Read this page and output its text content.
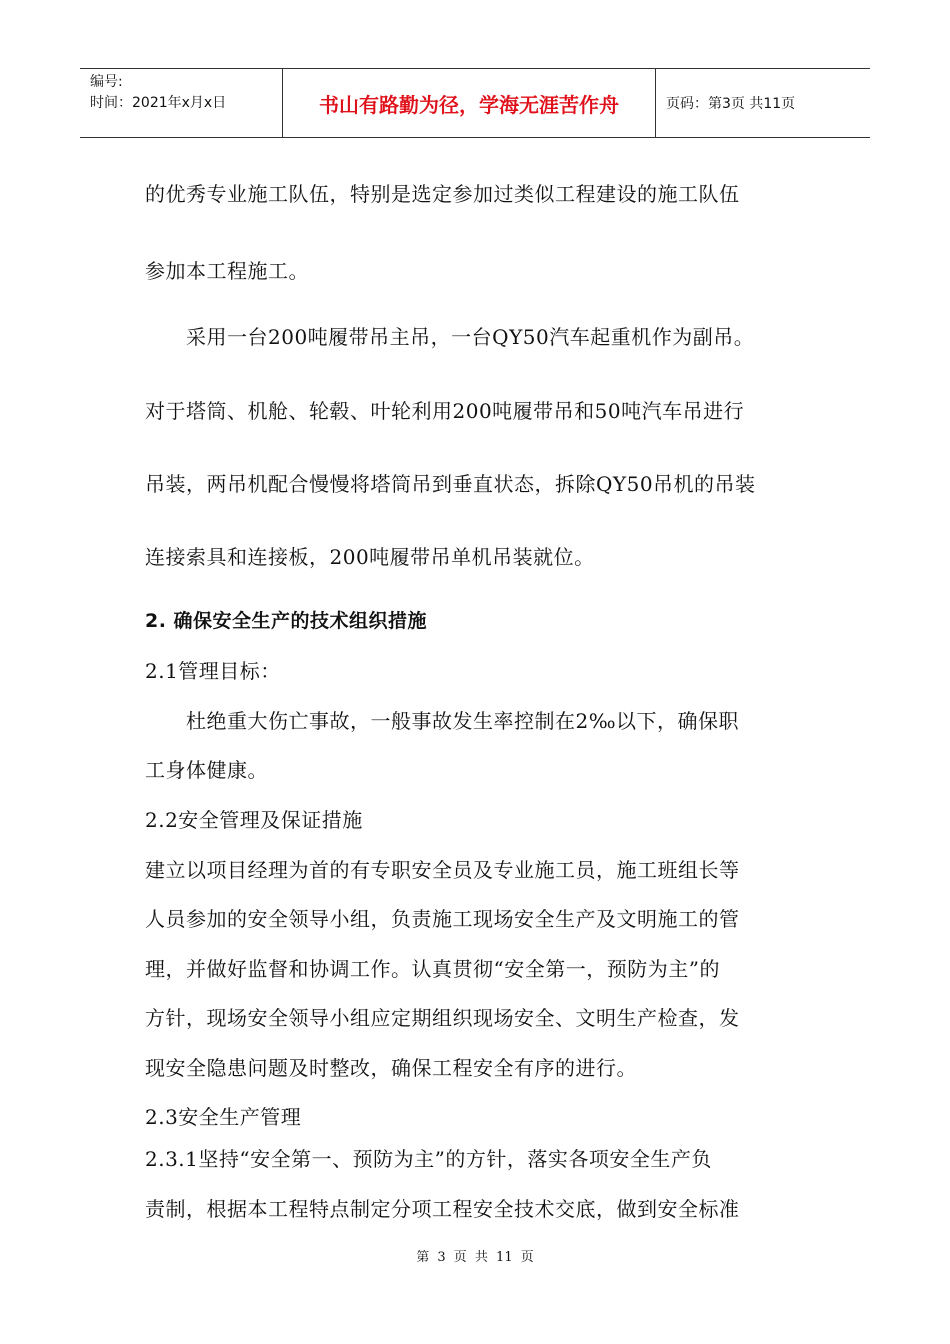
编号:
时间：2021年x月x日	书山有路勤为径，学海无涯苦作舟	页码：第3页 共11页
的优秀专业施工队伍，特别是选定参加过类似工程建设的施工队伍
参加本工程施工。
采用一台200吨履带吊主吊，一台QY50汽车起重机作为副吊。
对于塔筒、机舱、轮毂、叶轮利用200吨履带吊和50吨汽车吊进行
吊装，两吊机配合慢慢将塔筒吊到垂直状态，拆除QY50吊机的吊装
连接索具和连接板，200吨履带吊单机吊装就位。
2. 确保安全生产的技术组织措施
2.1管理目标：
杜绝重大伤亡事故，一般事故发生率控制在2‰以下，确保职
工身体健康。
2.2安全管理及保证措施
建立以项目经理为首的有专职安全员及专业施工员，施工班组长等
人员参加的安全领导小组，负责施工现场安全生产及文明施工的管
理，并做好监督和协调工作。认真贯彻“安全第一，预防为主”的
方针，现场安全领导小组应定期组织现场安全、文明生产检查，发
现安全隐患问题及时整改，确保工程安全有序的进行。
2.3安全生产管理
2.3.1坚持“安全第一、预防为主”的方针，落实各项安全生产负
责制，根据本工程特点制定分项工程安全技术交底，做到安全标准
第 3 页 共 11 页
